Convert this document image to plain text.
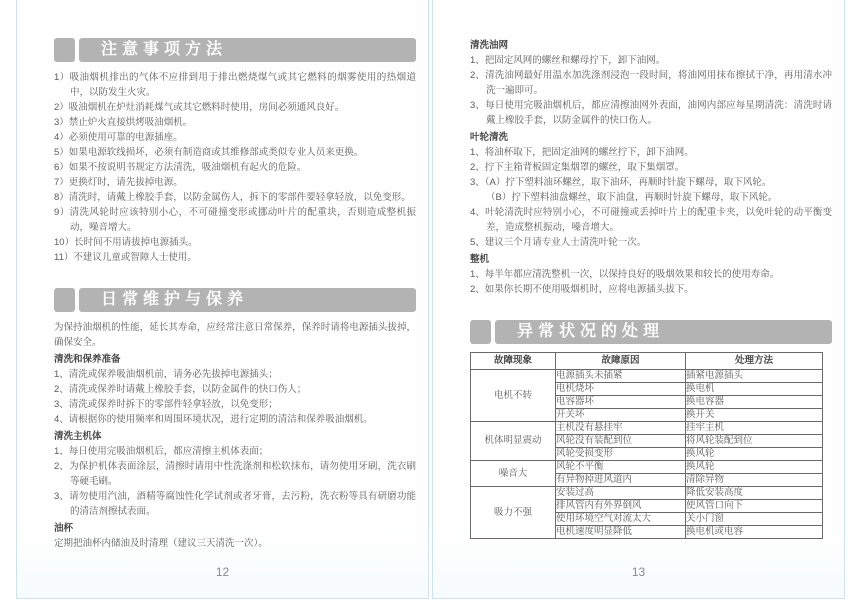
注意事项方法
1）吸油烟机排出的气体不应排到用于排出燃烧煤气或其它燃料的烟雾使用的热烟道中，以防发生火灾。
2）吸油烟机在炉灶消耗煤气或其它燃料时使用，房间必须通风良好。
3）禁止炉火直接烘烤吸油烟机。
4）必须使用可靠的电源插座。
5）如果电源软线损坏，必须有制造商或其维修部或类似专业人员来更换。
6）如果不按说明书规定方法清洗，吸油烟机有起火的危险。
7）更换灯时，请先拔掉电源。
8）清洗时，请戴上橡胶手套，以防金属伤人，拆下的零部件要轻拿轻放，以免变形。
9）清洗风轮时应该特别小心，不可碰撞变形或挪动叶片的配重块，否则造成整机振动，噪音增大。
10）长时间不用请拔掉电源插头。
11）不建议儿童或智障人士使用。
日常维护与保养
为保持油烟机的性能，延长其寿命，应经常注意日常保养，保养时请将电源插头拔掉，确保安全。
清洗和保养准备
1、清洗或保养吸油烟机前，请务必先拔掉电源插头；
2、清洗或保养时请戴上橡胶手套，以防金属件的快口伤人；
3、清洗或保养时拆下的零部件轻拿轻放，以免变形；
4、请根据你的使用频率和周围环境状况，进行定期的清洁和保养吸油烟机。
清洗主机体
1、每日使用完吸油烟机后，都应清擦主机体表面；
2、为保护机体表面涂层，清擦时请用中性洗涤剂和松软抹布，请勿使用牙刷，洗衣刷等硬毛刷。
3、请勿使用汽油，酒精等腐蚀性化学试剂或者牙膏，去污粉，洗衣粉等具有研磨功能的清洁剂擦拭表面。
油杯
定期把油杯内储油及时清理（建议三天清洗一次）。
12
清洗油网
1、把固定风网的螺丝和螺母拧下，卸下油网。
2、清洗油网最好用温水加洗涤剂浸泡一段时间，将油网用抹布擦拭干净，再用清水冲洗一遍即可。
3、每日使用完吸油烟机后，都应清擦油网外表面，油网内部应每星期清洗：清洗时请戴上橡胶手套，以防金属件的快口伤人。
叶轮清洗
1、将油杯取下，把固定油网的螺丝拧下，卸下油网。
2、拧下主箱背板固定集烟罩的螺丝，取下集烟罩。
3、（A）拧下塑料油环螺丝，取下油环，再顺时针旋下螺母，取下风轮。
（B）拧下塑料油盘螺丝，取下油盘，再顺时针旋下螺母，取下风轮。
4、叶轮清洗时应特别小心，不可碰撞或丢掉叶片上的配重卡夹，以免叶轮的动平衡变差，造成整机振动，噪音增大。
5、建议三个月请专业人士清洗叶轮一次。
整机
1、每半年都应清洗整机一次，以保持良好的吸烟效果和较长的使用寿命。
2、如果你长期不使用吸烟机时，应将电源插头拔下。
异常状况的处理
故障现象	故障原因	处理方法
电机不转	电源插头未插紧	插紧电源插头
	电机烧坏	换电机
	电容器坏	换电容器
	开关坏	换开关
机体明显震动	主机没有悬挂牢	挂牢主机
	风轮没有装配到位	将风轮装配到位
	风轮受损变形	换风轮
噪音大	风轮不平衡	换风轮
	有异物掉进风道内	清除异物
吸力不强	安装过高	降低安装高度
	排风管内有外界倒风	使风管口向下
	使用环境空气对流太大	关小门窗
	电机速度明显降低	换电机或电容
13
